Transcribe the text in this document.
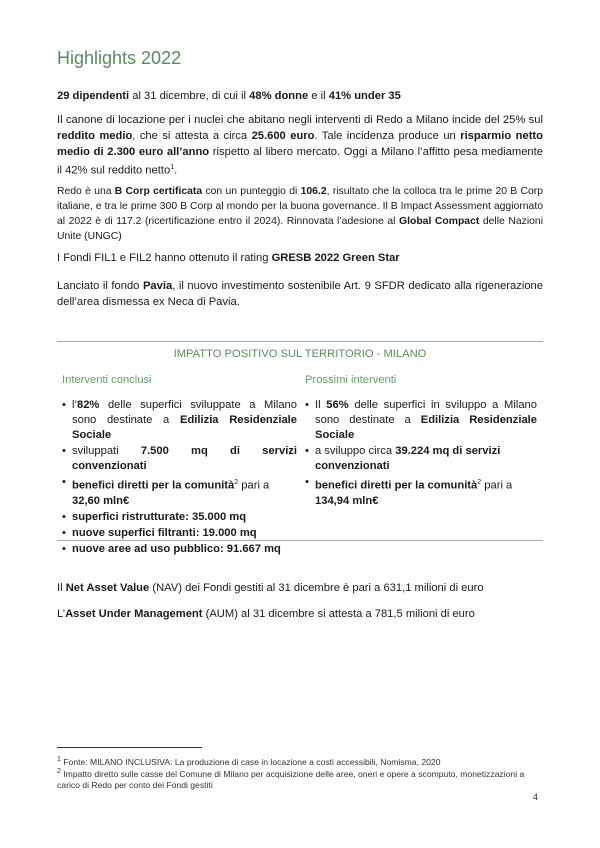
Highlights 2022
29 dipendenti al 31 dicembre, di cui il 48% donne e il 41% under 35
Il canone di locazione per i nuclei che abitano negli interventi di Redo a Milano incide del 25% sul reddito medio, che si attesta a circa 25.600 euro. Tale incidenza produce un risparmio netto medio di 2.300 euro all’anno rispetto al libero mercato. Oggi a Milano l’affitto pesa mediamente il 42% sul reddito netto$^1$.
Redo è una B Corp certificata con un punteggio di 106.2, risultato che la colloca tra le prime 20 B Corp italiane, e tra le prime 300 B Corp al mondo per la buona governance. Il B Impact Assessment aggiornato al 2022 è di 117.2 (ricertificazione entro il 2024). Rinnovata l’adesione al Global Compact delle Nazioni Unite (UNGC)
I Fondi FIL1 e FIL2 hanno ottenuto il rating GRESB 2022 Green Star
Lanciato il fondo Pavia, il nuovo investimento sostenibile Art. 9 SFDR dedicato alla rigenerazione dell’area dismessa ex Neca di Pavia.
IMPATTO POSITIVO SUL TERRITORIO - MILANO
Interventi conclusi	Prossimi interventi
• l’82% delle superfici sviluppate a Milano sono destinate a Edilizia Residenziale Sociale
• sviluppati 7.500 mq di servizi convenzionati
• benefici diretti per la comunità$^2$ pari a 32,60 mln€
• superfici ristrutturate: 35.000 mq
• nuove superfici filtranti: 19.000 mq
• nuove aree ad uso pubblico: 91.667 mq
• Il 56% delle superfici in sviluppo a Milano sono destinate a Edilizia Residenziale Sociale
• a sviluppo circa 39.224 mq di servizi convenzionati
• benefici diretti per la comunità$^2$ pari a 134,94 mln€
Il Net Asset Value (NAV) dei Fondi gestiti al 31 dicembre è pari a 631,1 milioni di euro
L’Asset Under Management (AUM) al 31 dicembre si attesta a 781,5 milioni di euro
$^1$ Fonte: MILANO INCLUSIVA: La produzione di case in locazione a costi accessibili, Nomisma, 2020
$^2$ Impatto diretto sulle casse del Comune di Milano per acquisizione delle aree, oneri e opere a scomputo, monetizzazioni a carico di Redo per conto dei Fondi gestiti
4
